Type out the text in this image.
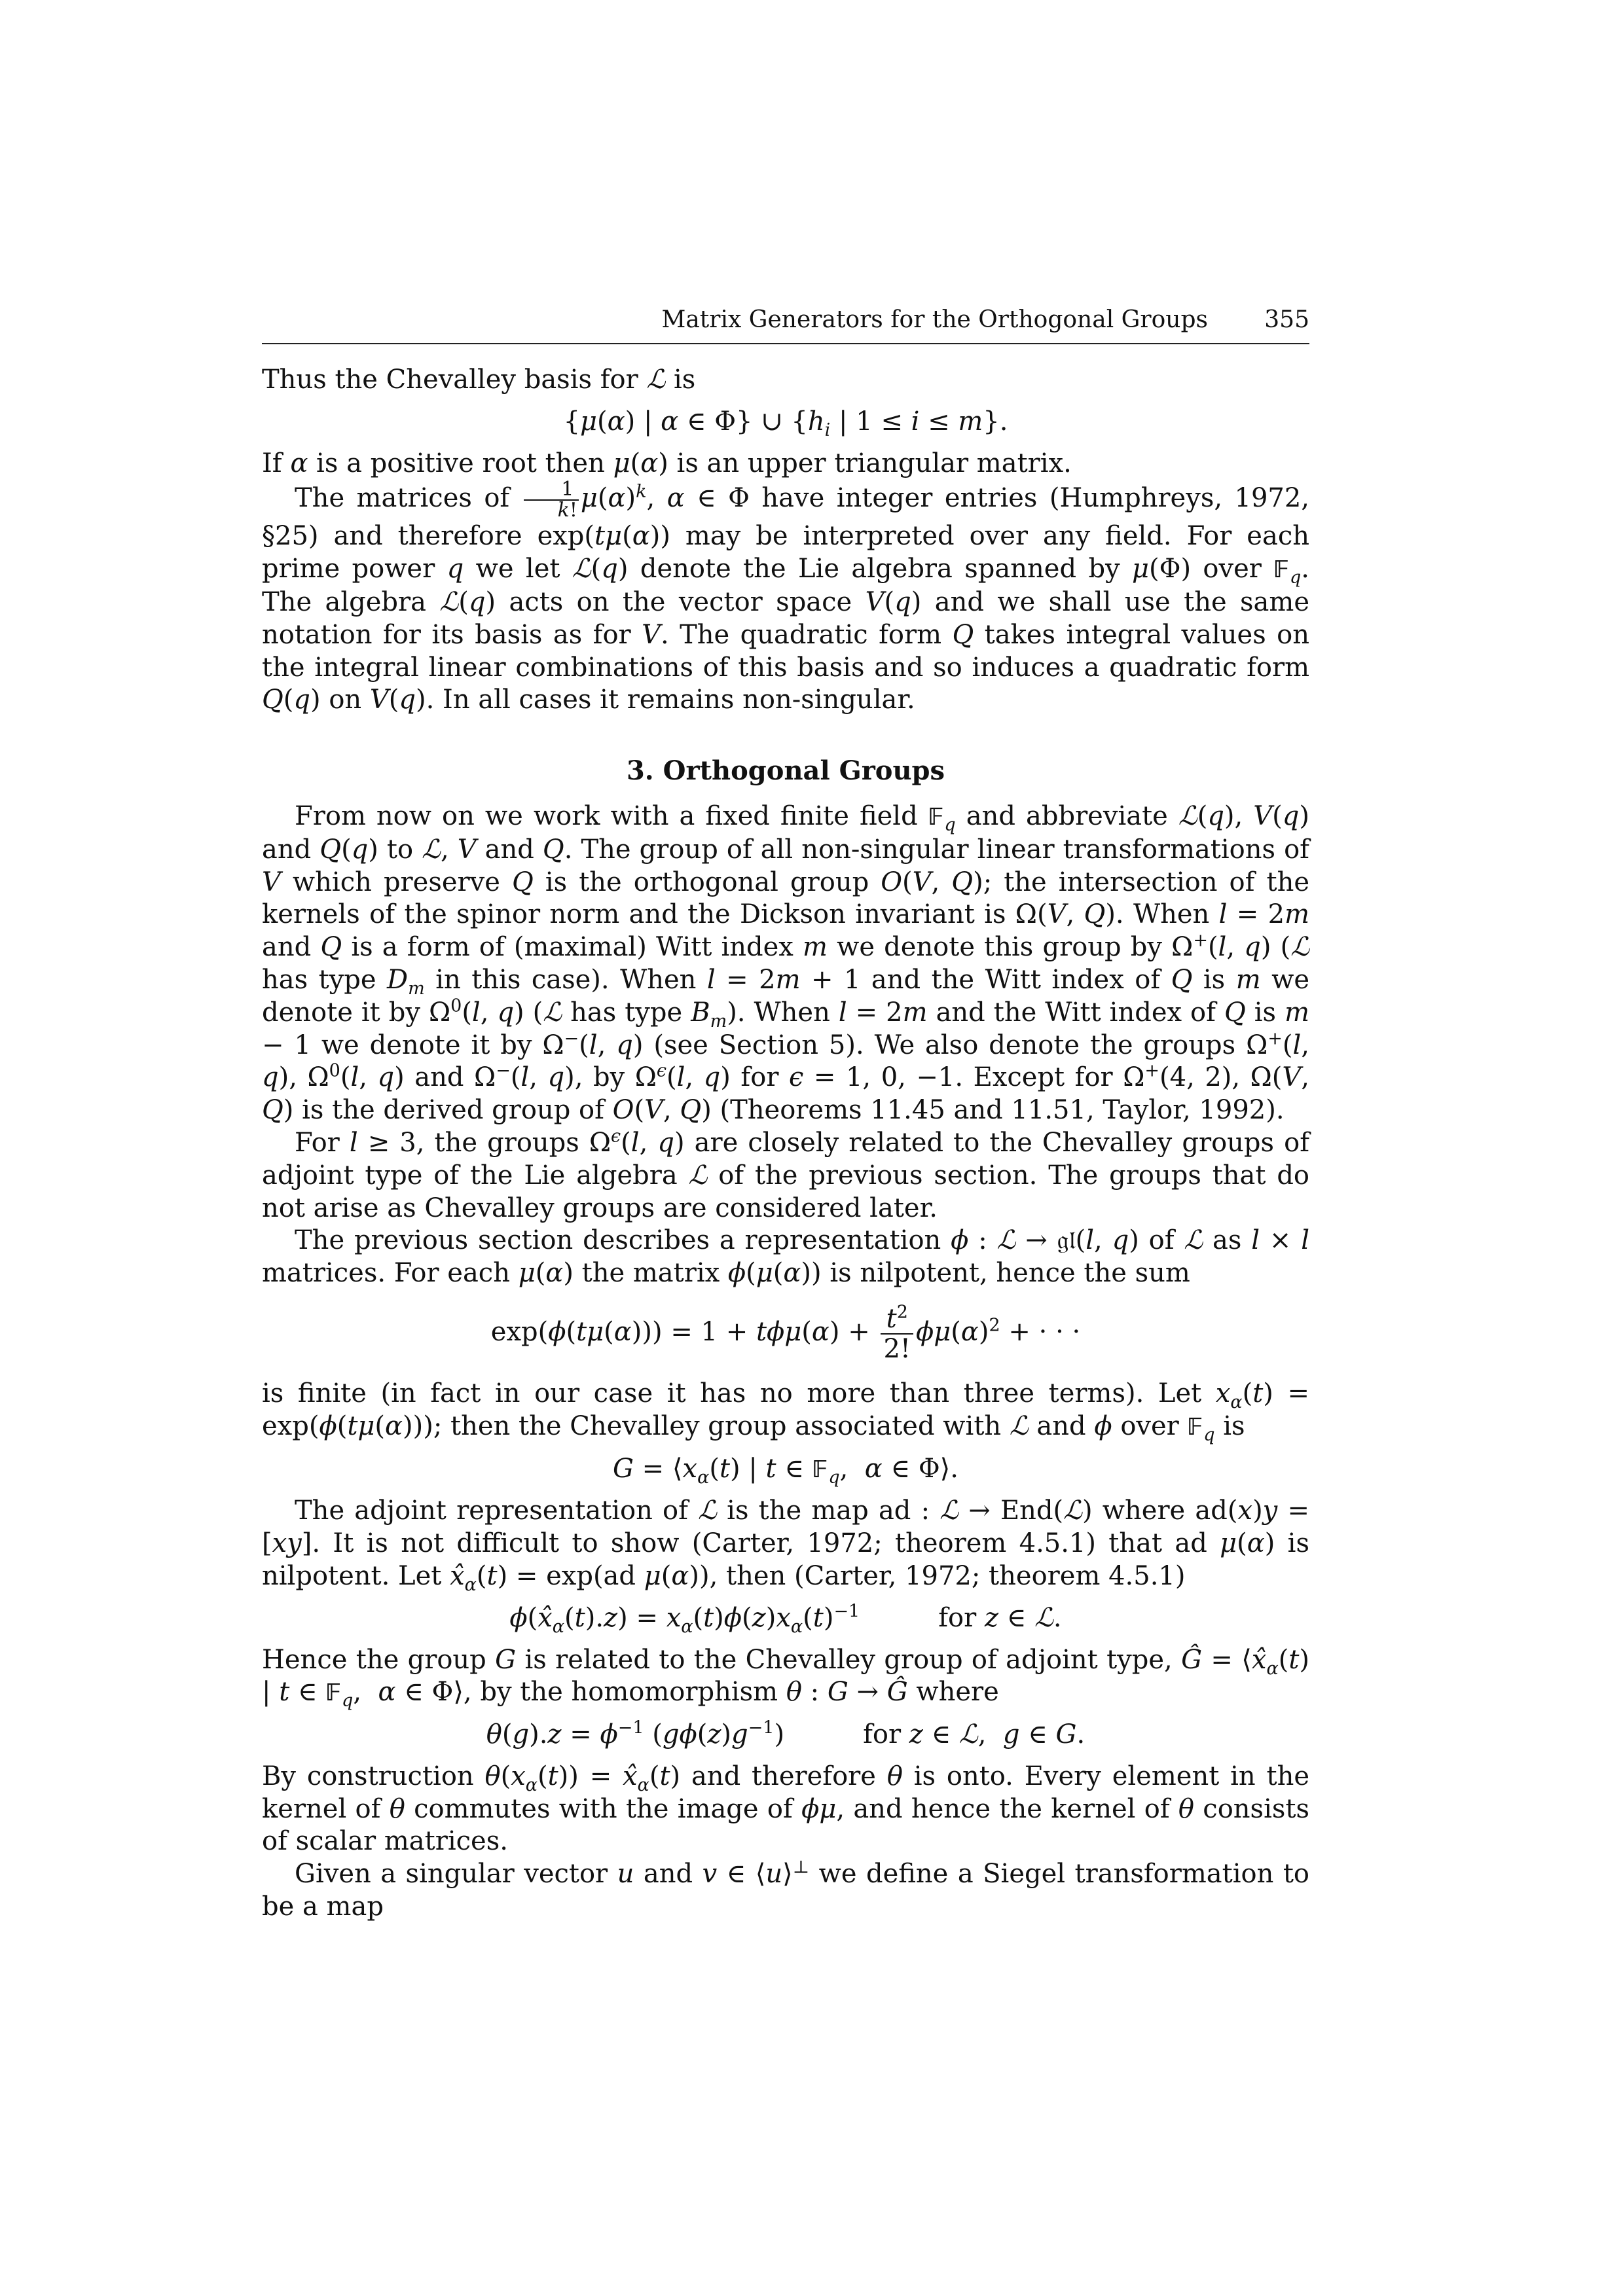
Matrix Generators for the Orthogonal Groups 355

Thus the Chevalley basis for ℒ is

{μ(α) | α ∈ Φ} ∪ {$h_i$ | 1 ≤ i ≤ m}.

If α is a positive root then μ(α) is an upper triangular matrix.

The matrices of $\frac{1}{k!} \mu(\alpha)^k$, α ∈ Φ have integer entries (Humphreys, 1972, §25) and therefore exp(tμ(α)) may be interpreted over any field. For each prime power q we let ℒ(q) denote the Lie algebra spanned by μ(Φ) over 𝔽$_q$. The algebra ℒ(q) acts on the vector space V(q) and we shall use the same notation for its basis as for V. The quadratic form Q takes integral values on the integral linear combinations of this basis and so induces a quadratic form Q(q) on V(q). In all cases it remains non-singular.

3. Orthogonal Groups

From now on we work with a fixed finite field 𝔽$_q$ and abbreviate ℒ(q), V(q) and Q(q) to ℒ, V and Q. The group of all non-singular linear transformations of V which preserve Q is the orthogonal group O(V, Q); the intersection of the kernels of the spinor norm and the Dickson invariant is Ω(V, Q). When l = 2m and Q is a form of (maximal) Witt index m we denote this group by Ω+(l, q) (ℒ has type $D_m$ in this case). When l = 2m + 1 and the Witt index of Q is m we denote it by $\Omega^0(l$, q) (ℒ has type $B_m$). When l = 2m and the Witt index of Q is m − 1 we denote it by Ω−(l, q) (see Section 5). We also denote the groups Ω+(l, q), $\Omega^0(l$, q) and Ω−(l, q), by $\Omega^\epsilon(l$, q) for ϵ = 1, 0, −1. Except for Ω+(4, 2), Ω(V, Q) is the derived group of O(V, Q) (Theorems 11.45 and 11.51, Taylor, 1992).

For l ≥ 3, the groups $\Omega^\epsilon(l$, q) are closely related to the Chevalley groups of adjoint type of the Lie algebra ℒ of the previous section. The groups that do not arise as Chevalley groups are considered later.

The previous section describes a representation ϕ : ℒ → 𝔤𝔩(l, q) of ℒ as l × l matrices. For each μ(α) the matrix ϕ(μ(α)) is nilpotent, hence the sum

$\exp(\phi(t\mu(\alpha))) = 1 + t\phi\mu(\alpha) + \frac{t^2}{2!} \phi\mu(\alpha)^2$ + · · ·

is finite (in fact in our case it has no more than three terms). Let $x_\alpha(t) = \exp(\phi(t\mu(\alpha)))$; then the Chevalley group associated with ℒ and ϕ over 𝔽$_q$ is

$G = ⟨x_\alpha(t)$ | t ∈ 𝔽$_q$,  α ∈ Φ⟩.

The adjoint representation of ℒ is the map ad : ℒ → End(ℒ) where ad(x)y = [xy]. It is not difficult to show (Carter, 1972; theorem 4.5.1) that ad μ(α) is nilpotent. Let $x̂_\alpha(t) = \exp(ad$ μ(α)), then (Carter, 1972; theorem 4.5.1)

$\phi(x̂_\alpha(t).z) = x_\alpha(t)\phi(z)x_\alpha(t)^{-1}$	for z ∈ ℒ.

Hence the group G is related to the Chevalley group of adjoint type, Ĝ = $⟨x̂_\alpha(t)$ | t ∈ 𝔽$_q$,  α ∈ Φ⟩, by the homomorphism θ : G → Ĝ where

$\theta(g).z = \phi^{-1}$ $(g\phi(z)g^{-1})$	for z ∈ ℒ,  g ∈ G.

By construction $\theta(x_\alpha(t))$ = $x̂_\alpha(t)$ and therefore θ is onto. Every element in the kernel of θ commutes with the image of ϕμ, and hence the kernel of θ consists of scalar matrices.

Given a singular vector u and v ∈ ⟨u⟩⊥ we define a Siegel transformation to be a map
